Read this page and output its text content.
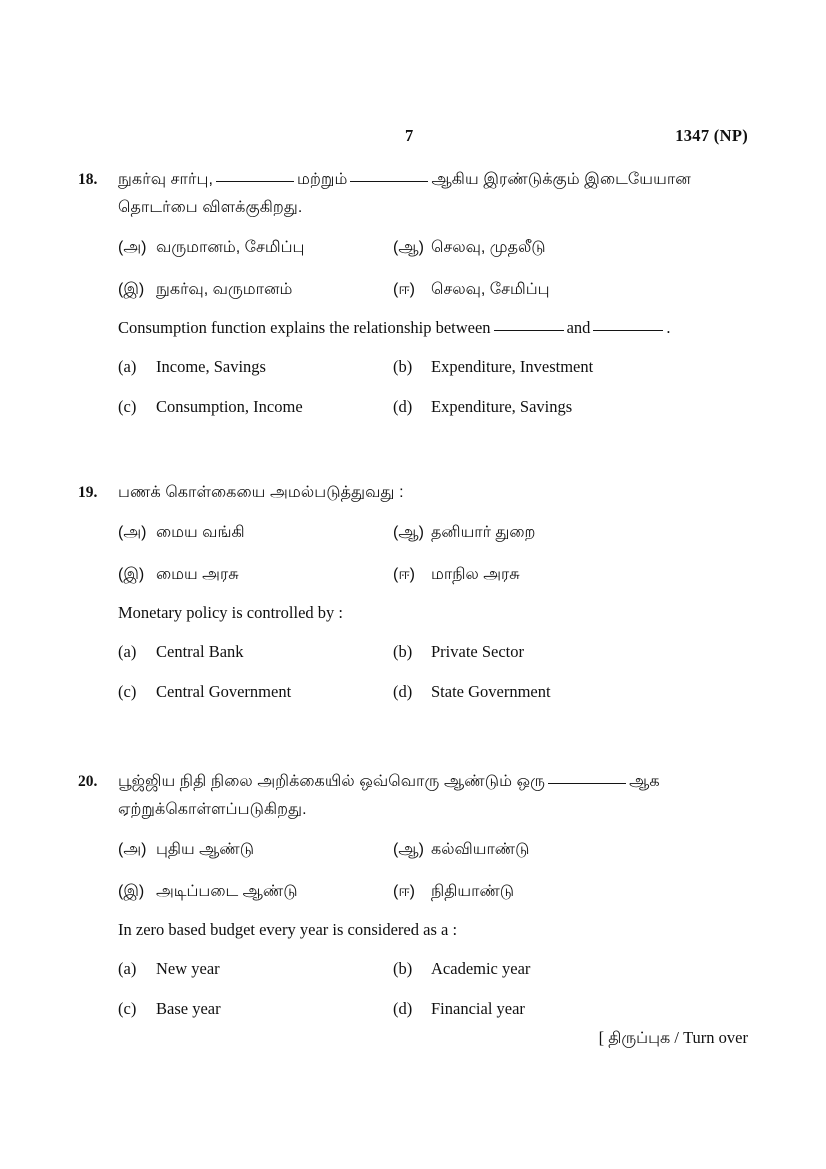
7	1347 (NP)
18.	நுகர்வு சார்பு,	மற்றும்	ஆகிய இரண்டுக்கும் இடையேயான தொடர்பை விளக்குகிறது.

(அ) வருமானம், சேமிப்பு	(ஆ) செலவு, முதலீடு
(இ) நுகர்வு, வருமானம்	(ஈ)	செலவு, சேமிப்பு

Consumption function explains the relationship between	and	.

(a)	Income, Savings	(b)	Expenditure, Investment
(c)	Consumption, Income	(d)	Expenditure, Savings
19.	பணக் கொள்கையை அமல்படுத்துவது :

(அ) மைய வங்கி	(ஆ) தனியார் துறை
(இ) மைய அரசு	(ஈ)	மாநில அரசு

Monetary policy is controlled by :

(a)	Central Bank	(b)	Private Sector
(c)	Central Government	(d)	State Government
20.	பூஜ்ஜிய நிதி நிலை அறிக்கையில் ஒவ்வொரு ஆண்டும் ஒரு	ஆக ஏற்றுக்கொள்ளப்படுகிறது.

(அ) புதிய ஆண்டு	(ஆ) கல்வியாண்டு
(இ) அடிப்படை ஆண்டு	(ஈ)	நிதியாண்டு

In zero based budget every year is considered as a :

(a)	New year	(b)	Academic year
(c)	Base year	(d)	Financial year
[ திருப்புக / Turn over
